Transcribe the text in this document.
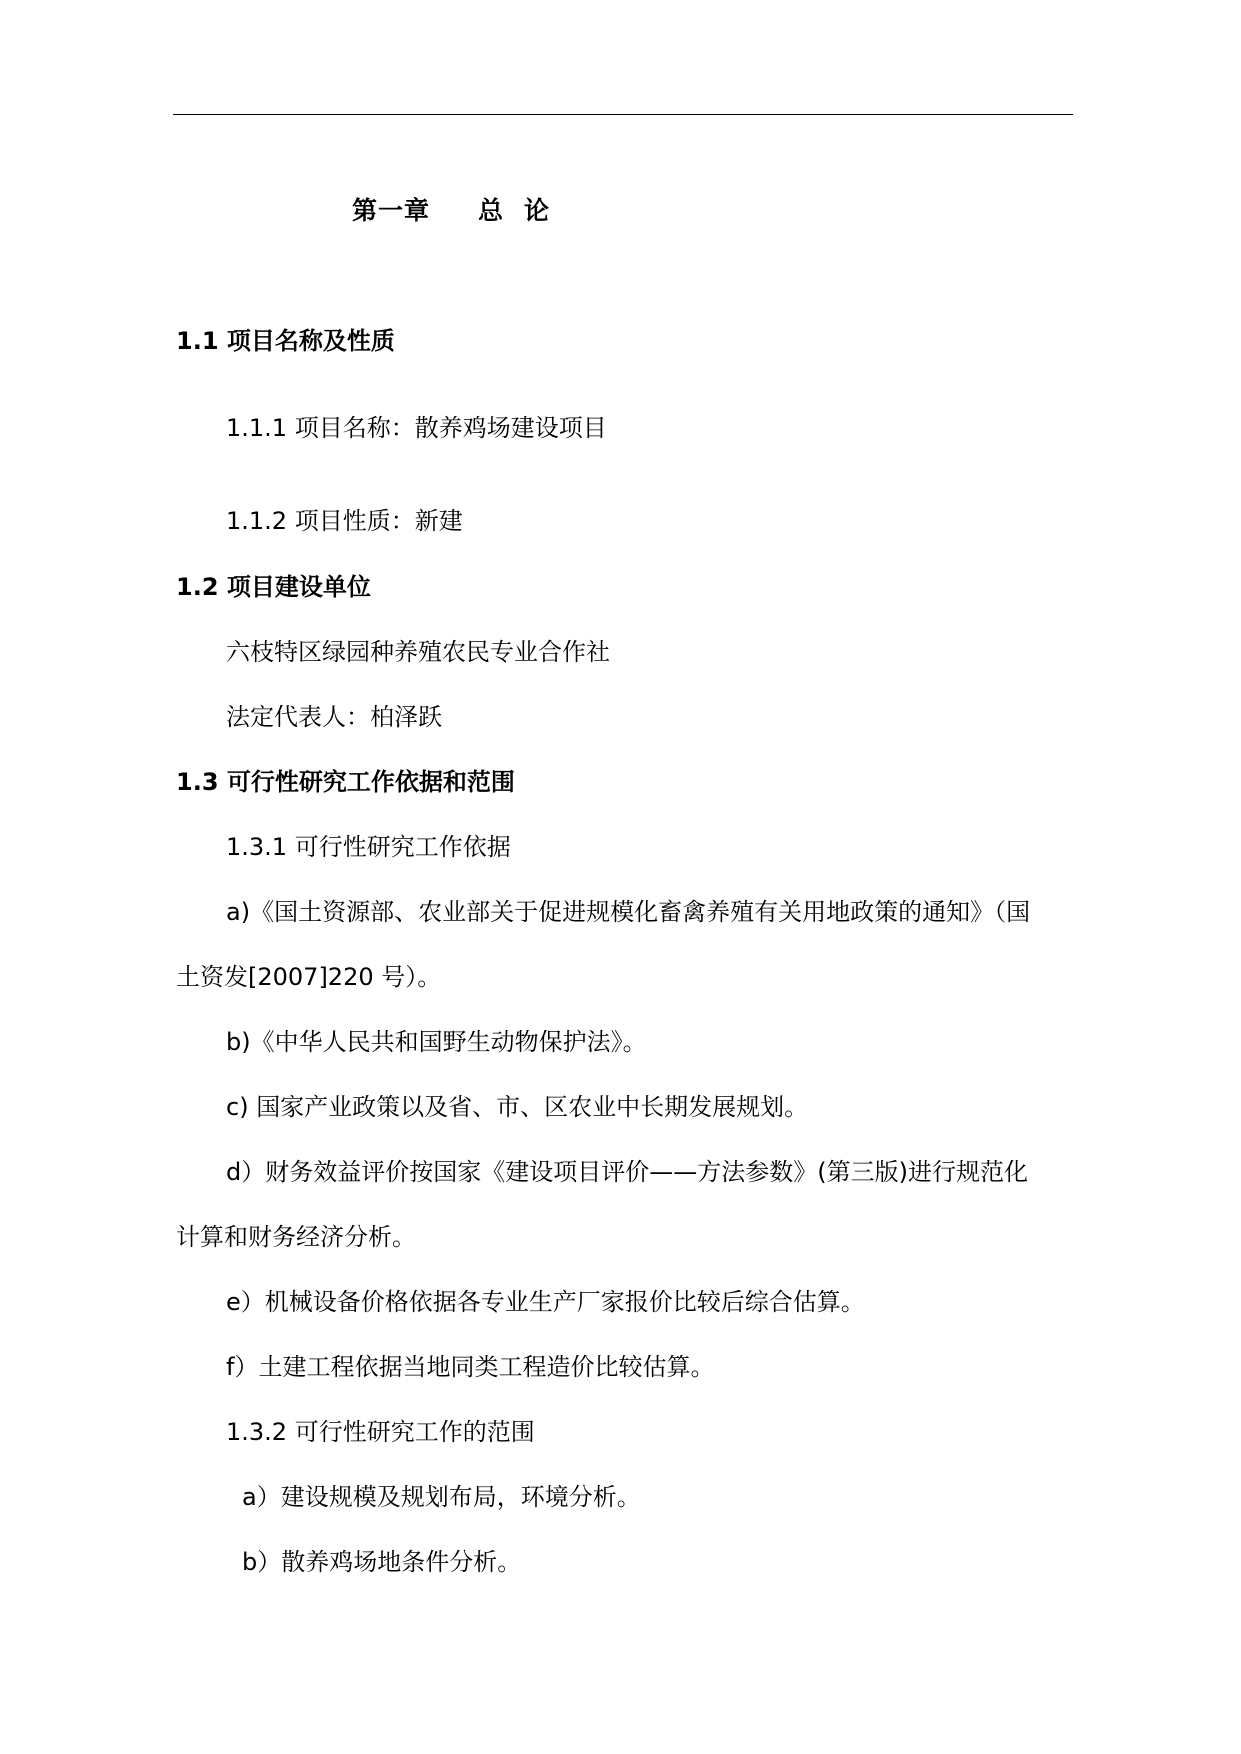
第一章 总 论
1.1 项目名称及性质
1.1.1 项目名称：散养鸡场建设项目
1.1.2 项目性质：新建
1.2 项目建设单位
六枝特区绿园种养殖农民专业合作社
法定代表人：柏泽跃
1.3 可行性研究工作依据和范围
1.3.1 可行性研究工作依据
a)《国土资源部、农业部关于促进规模化畜禽养殖有关用地政策的通知》（国
土资发[2007]220 号）。
b)《中华人民共和国野生动物保护法》。
c) 国家产业政策以及省、市、区农业中长期发展规划。
d）财务效益评价按国家《建设项目评价——方法参数》(第三版)进行规范化
计算和财务经济分析。
e）机械设备价格依据各专业生产厂家报价比较后综合估算。
f）土建工程依据当地同类工程造价比较估算。
1.3.2 可行性研究工作的范围
a）建设规模及规划布局，环境分析。
b）散养鸡场地条件分析。
